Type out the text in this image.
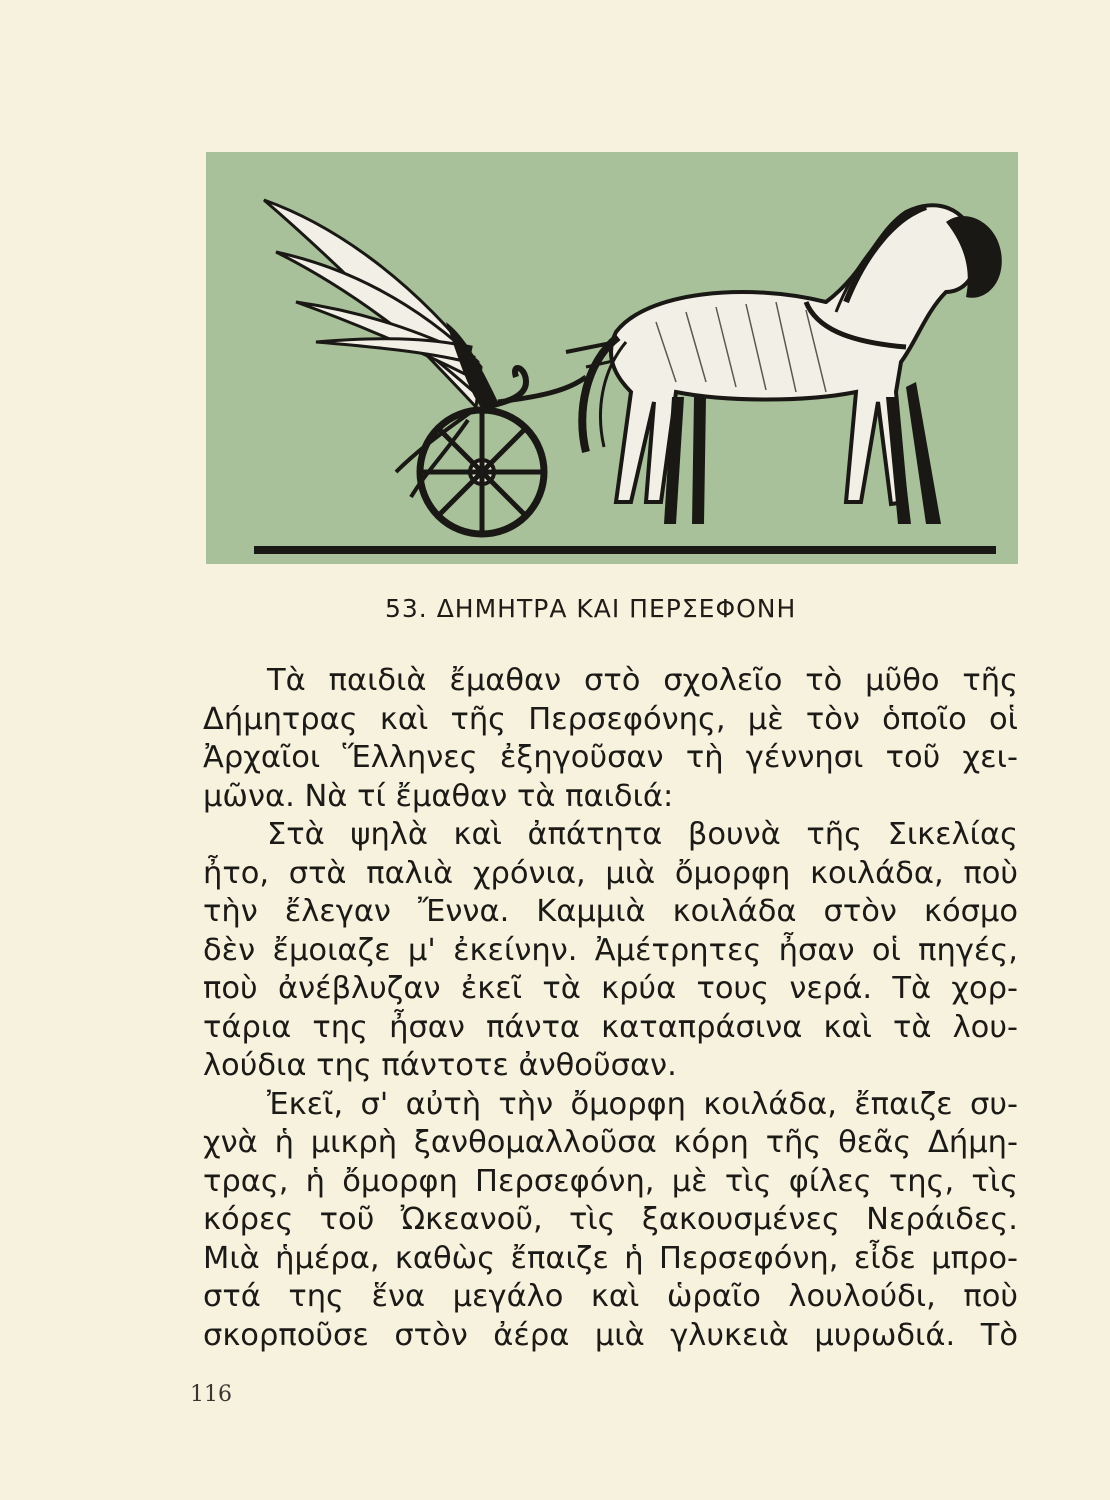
53. ΔΗΜΗΤΡΑ ΚΑΙ ΠΕΡΣΕΦΟΝΗ
Τὰ παιδιὰ ἔμαθαν στὸ σχολεῖο τὸ μῦθο τῆς
Δήμητρας καὶ τῆς Περσεφόνης, μὲ τὸν ὁποῖο οἱ
Ἀρχαῖοι Ἕλληνες ἐξηγοῦσαν τὴ γέννησι τοῦ χει-
μῶνα. Νὰ τί ἔμαθαν τὰ παιδιά:
Στὰ ψηλὰ καὶ ἀπάτητα βουνὰ τῆς Σικελίας
ἦτο, στὰ παλιὰ χρόνια, μιὰ ὄμορφη κοιλάδα, ποὺ
τὴν ἔλεγαν Ἔννα. Καμμιὰ κοιλάδα στὸν κόσμο
δὲν ἔμοιαζε μ' ἐκείνην. Ἀμέτρητες ἦσαν οἱ πηγές,
ποὺ ἀνέβλυζαν ἐκεῖ τὰ κρύα τους νερά. Τὰ χορ-
τάρια της ἦσαν πάντα καταπράσινα καὶ τὰ λου-
λούδια της πάντοτε ἀνθοῦσαν.
Ἐκεῖ, σ' αὐτὴ τὴν ὄμορφη κοιλάδα, ἔπαιζε συ-
χνὰ ἡ μικρὴ ξανθομαλλοῦσα κόρη τῆς θεᾶς Δήμη-
τρας, ἡ ὄμορφη Περσεφόνη, μὲ τὶς φίλες της, τὶς
κόρες τοῦ Ὠκεανοῦ, τὶς ξακουσμένες Νεράιδες.
Μιὰ ἡμέρα, καθὼς ἔπαιζε ἡ Περσεφόνη, εἶδε μπρο-
στά της ἕνα μεγάλο καὶ ὡραῖο λουλούδι, ποὺ
σκορποῦσε στὸν ἀέρα μιὰ γλυκειὰ μυρωδιά. Τὸ
116
